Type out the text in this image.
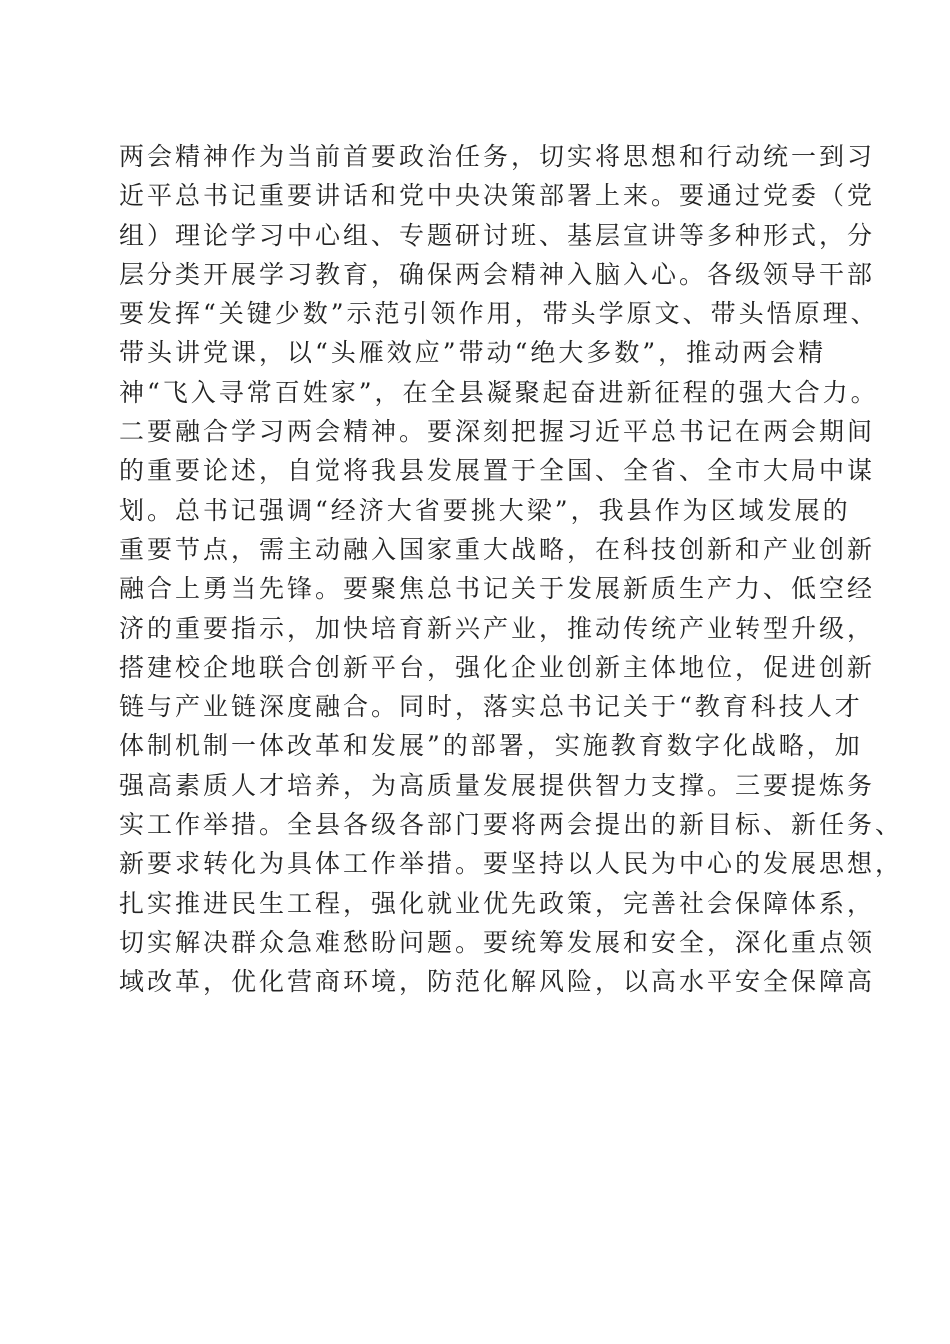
两会精神作为当前首要政治任务，切实将思想和行动统一到习
近平总书记重要讲话和党中央决策部署上来。要通过党委（党
组）理论学习中心组、专题研讨班、基层宣讲等多种形式，分
层分类开展学习教育，确保两会精神入脑入心。各级领导干部
要发挥“关键少数”示范引领作用，带头学原文、带头悟原理、
带头讲党课，以“头雁效应”带动“绝大多数”，推动两会精
神“飞入寻常百姓家”，在全县凝聚起奋进新征程的强大合力。
二要融合学习两会精神。要深刻把握习近平总书记在两会期间
的重要论述，自觉将我县发展置于全国、全省、全市大局中谋
划。总书记强调“经济大省要挑大梁”，我县作为区域发展的
重要节点，需主动融入国家重大战略，在科技创新和产业创新
融合上勇当先锋。要聚焦总书记关于发展新质生产力、低空经
济的重要指示，加快培育新兴产业，推动传统产业转型升级，
搭建校企地联合创新平台，强化企业创新主体地位，促进创新
链与产业链深度融合。同时，落实总书记关于“教育科技人才
体制机制一体改革和发展”的部署，实施教育数字化战略，加
强高素质人才培养，为高质量发展提供智力支撑。三要提炼务
实工作举措。全县各级各部门要将两会提出的新目标、新任务、
新要求转化为具体工作举措。要坚持以人民为中心的发展思想，
扎实推进民生工程，强化就业优先政策，完善社会保障体系，
切实解决群众急难愁盼问题。要统筹发展和安全，深化重点领
域改革，优化营商环境，防范化解风险，以高水平安全保障高
